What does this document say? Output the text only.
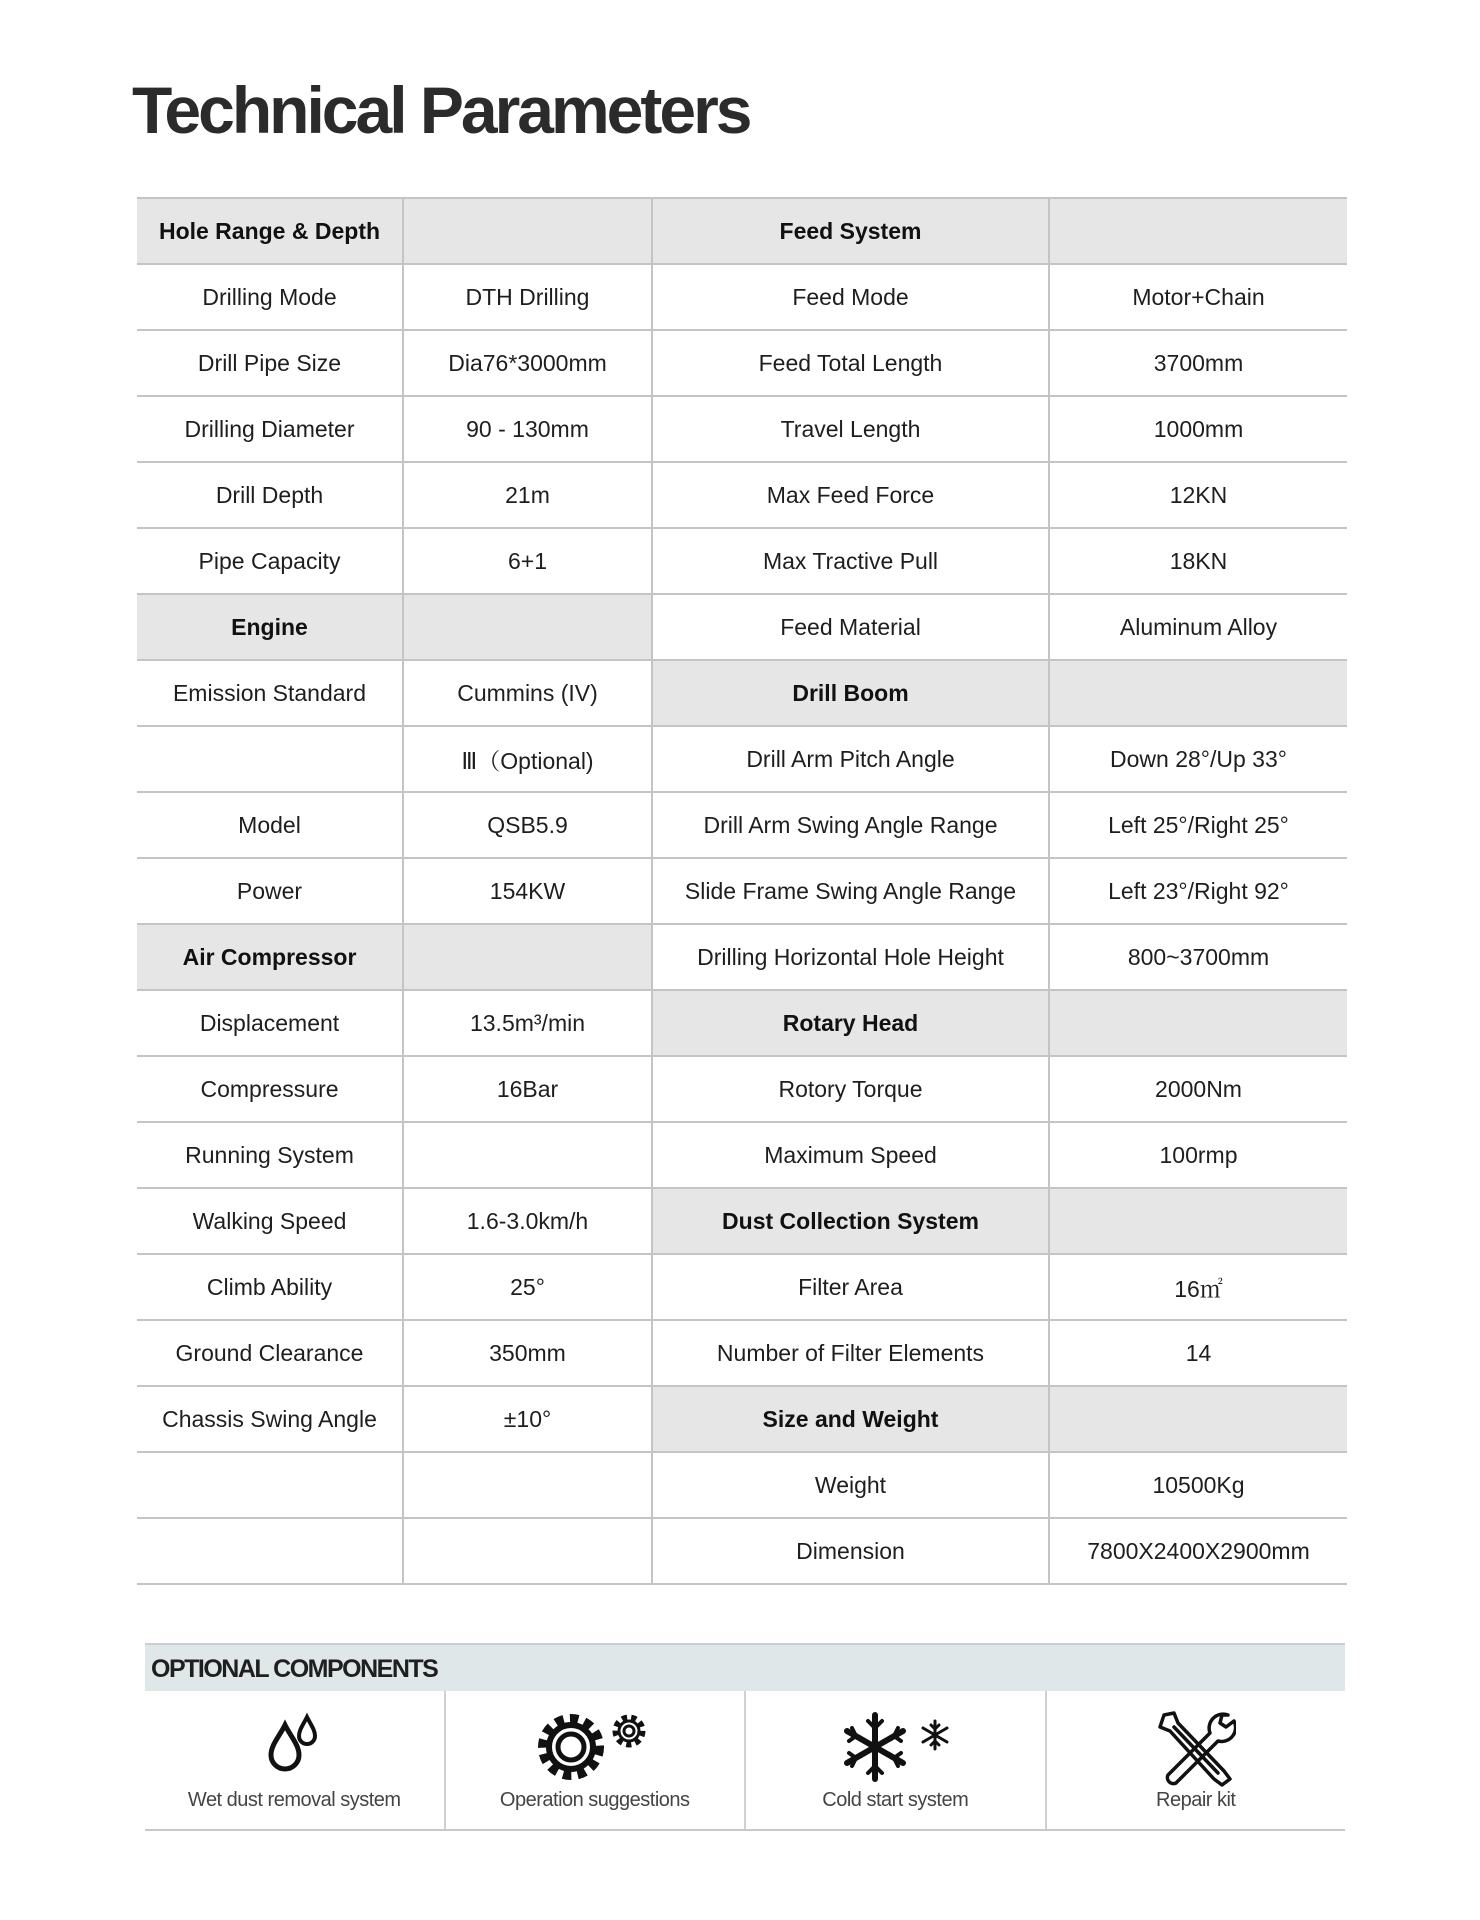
Technical Parameters
Hole Range & Depth		Feed System	
Drilling Mode	DTH Drilling	Feed Mode	Motor+Chain
Drill Pipe Size	Dia76*3000mm	Feed Total Length	3700mm
Drilling Diameter	90 - 130mm	Travel Length	1000mm
Drill Depth	21m	Max Feed Force	12KN
Pipe Capacity	6+1	Max Tractive Pull	18KN
Engine		Feed Material	Aluminum Alloy
Emission Standard	Cummins (IV)	Drill Boom	
	Ⅲ（Optional)	Drill Arm Pitch Angle	Down 28°/Up 33°
Model	QSB5.9	Drill Arm Swing Angle Range	Left 25°/Right 25°
Power	154KW	Slide Frame Swing Angle Range	Left 23°/Right 92°
Air Compressor		Drilling Horizontal Hole Height	800~3700mm
Displacement	13.5m³/min	Rotary Head	
Compressure	16Bar	Rotory Torque	2000Nm
Running System		Maximum Speed	100rmp
Walking Speed	1.6-3.0km/h	Dust Collection System	
Climb Ability	25°	Filter Area	16㎡
Ground Clearance	350mm	Number of Filter Elements	14
Chassis Swing Angle	±10°	Size and Weight	
		Weight	10500Kg
		Dimension	7800X2400X2900mm
OPTIONAL COMPONENTS
Wet dust removal system	Operation suggestions	Cold start system	Repair kit
